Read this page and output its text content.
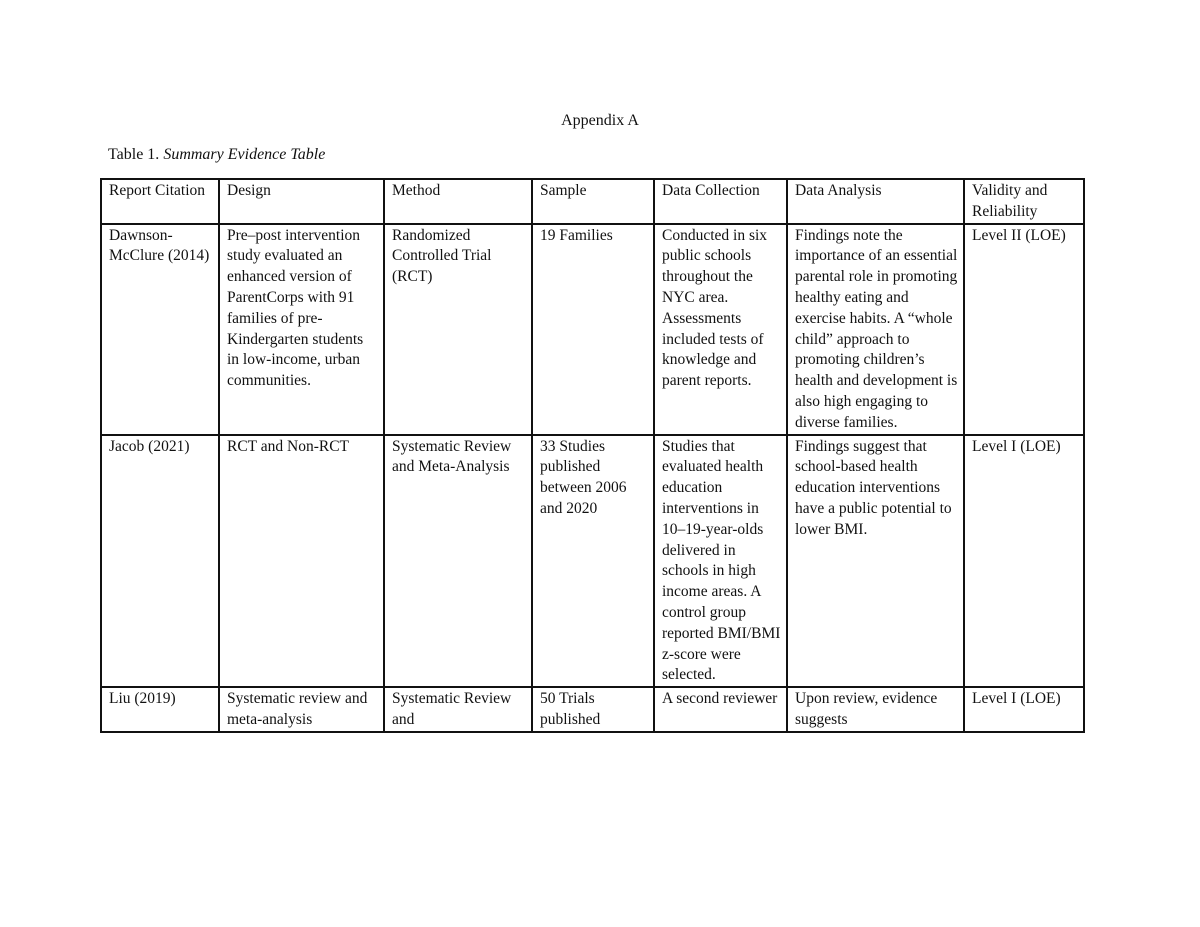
Appendix A
Table 1. Summary Evidence Table
Report Citation	Design	Method	Sample	Data Collection	Data Analysis	Validity and Reliability
Dawnson-McClure (2014)	Pre–post intervention study evaluated an enhanced version of ParentCorps with 91 families of pre-Kindergarten students in low-income, urban communities.	Randomized Controlled Trial (RCT)	19 Families	Conducted in six public schools throughout the NYC area. Assessments included tests of knowledge and parent reports.	Findings note the importance of an essential parental role in promoting healthy eating and exercise habits. A “whole child” approach to promoting children’s health and development is also high engaging to diverse families.	Level II (LOE)
Jacob (2021)	RCT and Non-RCT	Systematic Review and Meta-Analysis	33 Studies published between 2006 and 2020	Studies that evaluated health education interventions in 10–19-year-olds delivered in schools in high income areas. A control group reported BMI/BMI z-score were selected.	Findings suggest that school-based health education interventions have a public potential to lower BMI.	Level I (LOE)
Liu (2019)	Systematic review and meta-analysis	Systematic Review and	50 Trials published	A second reviewer	Upon review, evidence suggests	Level I (LOE)
